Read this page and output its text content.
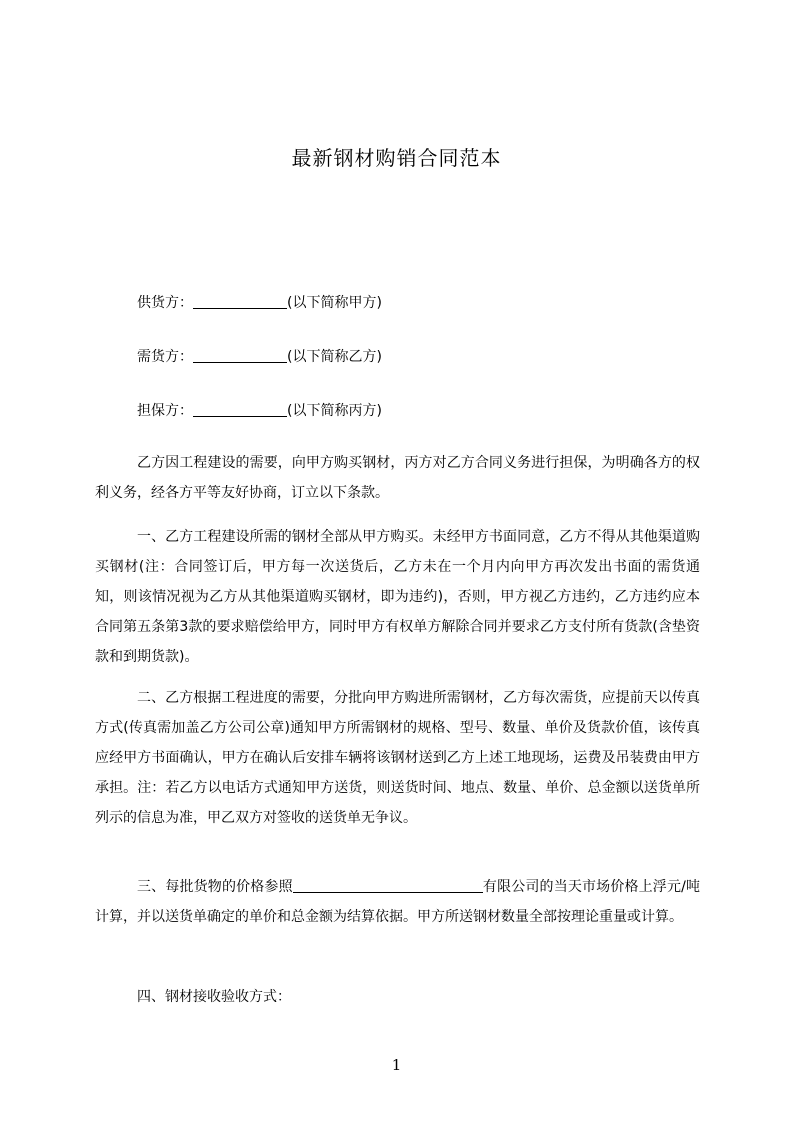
最新钢材购销合同范本
供货方：	(以下简称甲方)
需货方：	(以下简称乙方)
担保方：	(以下简称丙方)
乙方因工程建设的需要，向甲方购买钢材，丙方对乙方合同义务进行担保，为明确各方的权利义务，经各方平等友好协商，订立以下条款。
一、乙方工程建设所需的钢材全部从甲方购买。未经甲方书面同意，乙方不得从其他渠道购买钢材(注：合同签订后，甲方每一次送货后，乙方未在一个月内向甲方再次发出书面的需货通知，则该情况视为乙方从其他渠道购买钢材，即为违约)，否则，甲方视乙方违约，乙方违约应本合同第五条第3款的要求赔偿给甲方，同时甲方有权单方解除合同并要求乙方支付所有货款(含垫资款和到期货款)。
二、乙方根据工程进度的需要，分批向甲方购进所需钢材，乙方每次需货，应提前天以传真方式(传真需加盖乙方公司公章)通知甲方所需钢材的规格、型号、数量、单价及货款价值，该传真应经甲方书面确认，甲方在确认后安排车辆将该钢材送到乙方上述工地现场，运费及吊装费由甲方承担。注：若乙方以电话方式通知甲方送货，则送货时间、地点、数量、单价、总金额以送货单所列示的信息为准，甲乙双方对签收的送货单无争议。
三、每批货物的价格参照	有限公司的当天市场价格上浮元/吨计算，并以送货单确定的单价和总金额为结算依据。甲方所送钢材数量全部按理论重量或计算。
四、钢材接收验收方式：
1
